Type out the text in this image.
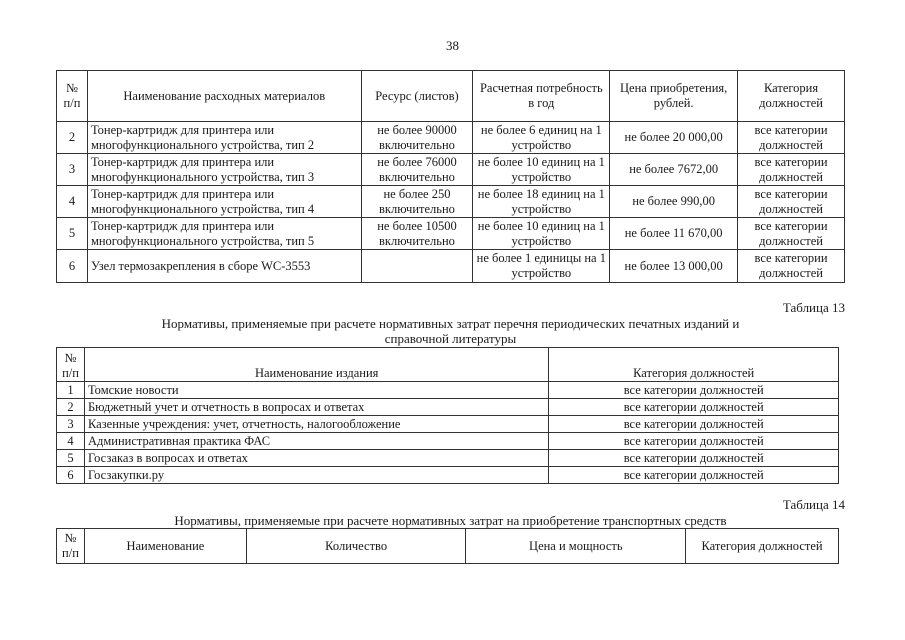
38
№ п/п	Наименование расходных материалов	Ресурс (листов)	Расчетная потребность в год	Цена приобретения, рублей.	Категория должностей
2	Тонер-картридж для принтера или многофункционального устройства, тип 2	не более 90000 включительно	не более 6 единиц на 1 устройство	не более 20 000,00	все категории должностей
3	Тонер-картридж для принтера или многофункционального устройства, тип 3	не более 76000 включительно	не более 10 единиц на 1 устройство	не более 7672,00	все категории должностей
4	Тонер-картридж для принтера или многофункционального устройства, тип 4	не более 250 включительно	не более 18 единиц на 1 устройство	не более 990,00	все категории должностей
5	Тонер-картридж для принтера или многофункционального устройства, тип 5	не более 10500 включительно	не более 10 единиц на 1 устройство	не более 11 670,00	все категории должностей
6	Узел термозакрепления в сборе WC-3553		не более 1 единицы на 1 устройство	не более 13 000,00	все категории должностей
Таблица 13
Нормативы, применяемые при расчете нормативных затрат перечня периодических печатных изданий и справочной литературы
№ п/п	Наименование издания	Категория должностей
1	Томские новости	все категории должностей
2	Бюджетный учет и отчетность в вопросах и ответах	все категории должностей
3	Казенные учреждения: учет, отчетность, налогообложение	все категории должностей
4	Административная практика ФАС	все категории должностей
5	Госзаказ в вопросах и ответах	все категории должностей
6	Госзакупки.ру	все категории должностей
Таблица 14
Нормативы, применяемые при расчете нормативных затрат на приобретение транспортных средств
№ п/п	Наименование	Количество	Цена и мощность	Категория должностей
